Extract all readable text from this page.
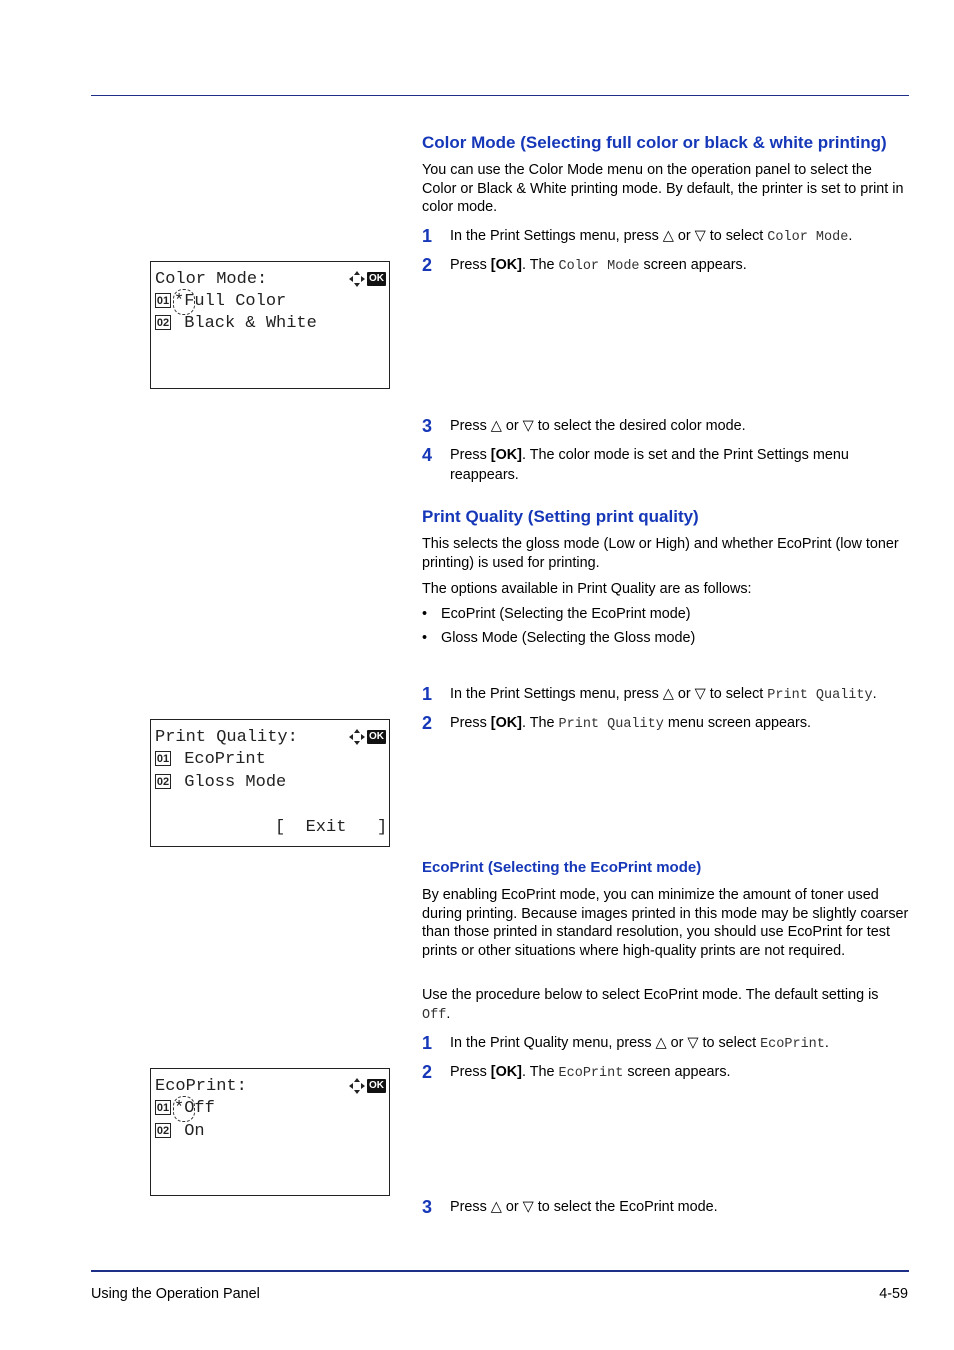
Color Mode (Selecting full color or black & white printing)
You can use the Color Mode menu on the operation panel to select the Color or Black & White printing mode. By default, the printer is set to print in color mode.
1 In the Print Settings menu, press △ or ▽ to select Color Mode.
2 Press [OK]. The Color Mode screen appears.
Color Mode:	OK
01 *Full Color
02 Black & White
3 Press △ or ▽ to select the desired color mode.
4 Press [OK]. The color mode is set and the Print Settings menu reappears.
Print Quality (Setting print quality)
This selects the gloss mode (Low or High) and whether EcoPrint (low toner printing) is used for printing.
The options available in Print Quality are as follows:
• EcoPrint (Selecting the EcoPrint mode)
• Gloss Mode (Selecting the Gloss mode)
1 In the Print Settings menu, press △ or ▽ to select Print Quality.
2 Press [OK]. The Print Quality menu screen appears.
Print Quality:	OK
01 EcoPrint
02 Gloss Mode
[  Exit   ]
EcoPrint (Selecting the EcoPrint mode)
By enabling EcoPrint mode, you can minimize the amount of toner used during printing. Because images printed in this mode may be slightly coarser than those printed in standard resolution, you should use EcoPrint for test prints or other situations where high-quality prints are not required.
Use the procedure below to select EcoPrint mode. The default setting is Off.
1 In the Print Quality menu, press △ or ▽ to select EcoPrint.
2 Press [OK]. The EcoPrint screen appears.
EcoPrint:	OK
01 *Off
02 On
3 Press △ or ▽ to select the EcoPrint mode.
Using the Operation Panel	4-59
